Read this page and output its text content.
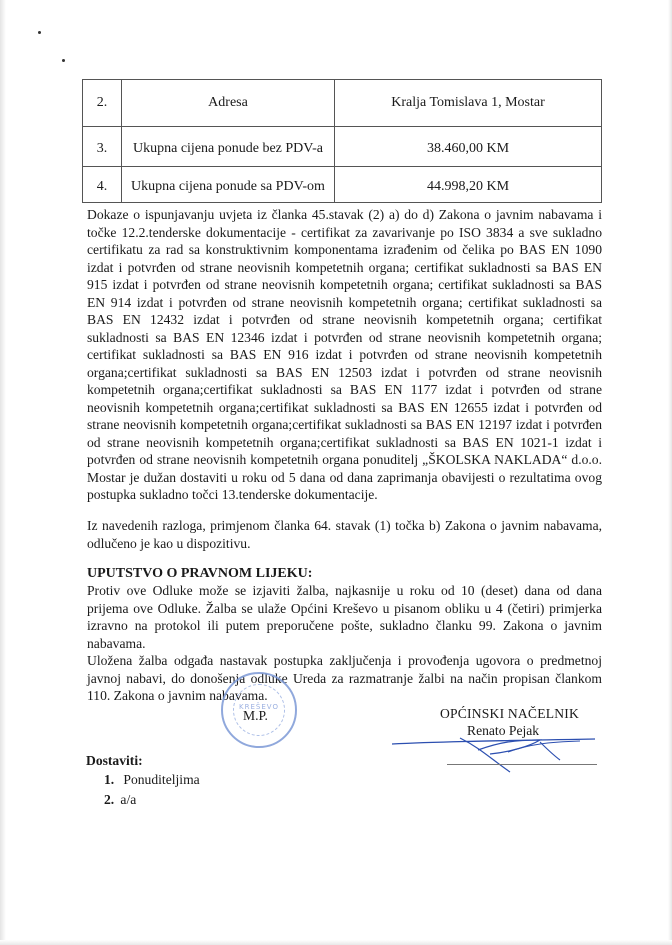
2.	Adresa	Kralja Tomislava 1, Mostar
3.	Ukupna cijena ponude bez PDV-a	38.460,00 KM
4.	Ukupna cijena ponude sa PDV-om	44.998,20 KM

Dokaze o ispunjavanju uvjeta iz članka 45.stavak (2) a) do d) Zakona o javnim nabavama i točke 12.2.tenderske dokumentacije - certifikat za zavarivanje po ISO 3834 a sve sukladno certifikatu za rad sa konstruktivnim komponentama izrađenim od čelika po BAS EN 1090 izdat i potvrđen od strane neovisnih kompetetnih organa; certifikat sukladnosti sa BAS EN 915 izdat i potvrđen od strane neovisnih kompetetnih organa; certifikat sukladnosti sa BAS EN 914 izdat i potvrđen od strane neovisnih kompetetnih organa; certifikat sukladnosti sa BAS EN 12432 izdat i potvrđen od strane neovisnih kompetetnih organa; certifikat sukladnosti sa BAS EN 12346 izdat i potvrđen od strane neovisnih kompetetnih organa; certifikat sukladnosti sa BAS EN 916 izdat i potvrđen od strane neovisnih kompetetnih organa;certifikat sukladnosti sa BAS EN 12503 izdat i potvrđen od strane neovisnih kompetetnih organa;certifikat sukladnosti sa BAS EN 1177 izdat i potvrđen od strane neovisnih kompetetnih organa;certifikat sukladnosti sa BAS EN 12655 izdat i potvrđen od strane neovisnih kompetetnih organa;certifikat sukladnosti sa BAS EN 12197 izdat i potvrđen od strane neovisnih kompetetnih organa;certifikat sukladnosti sa BAS EN 1021-1 izdat i potvrđen od strane neovisnih kompetetnih organa ponuditelj „ŠKOLSKA NAKLADA“ d.o.o. Mostar je dužan dostaviti u roku od 5 dana od dana zaprimanja obavijesti o rezultatima ovog postupka sukladno točci 13.tenderske dokumentacije.

Iz navedenih razloga, primjenom članka 64. stavak (1) točka b) Zakona o javnim nabavama, odlučeno je kao u dispozitivu.

UPUTSTVO O PRAVNOM LIJEKU:

Protiv ove Odluke može se izjaviti žalba, najkasnije u roku od 10 (deset) dana od dana prijema ove Odluke. Žalba se ulaže Općini Kreševo u pisanom obliku u 4 (četiri) primjerka izravno na protokol ili putem preporučene pošte, sukladno članku 99. Zakona o javnim nabavama.

Uložena žalba odgađa nastavak postupka zaključenja i provođenja ugovora o predmetnoj javnoj nabavi, do donošenja odluke Ureda za razmatranje žalbi na način propisan člankom 110. Zakona o javnim nabavama.

KREŠEVO
M.P.	OPĆINSKI NAČELNIK
Renato Pejak
Dostaviti:
1. Ponuditeljima
2. a/a
